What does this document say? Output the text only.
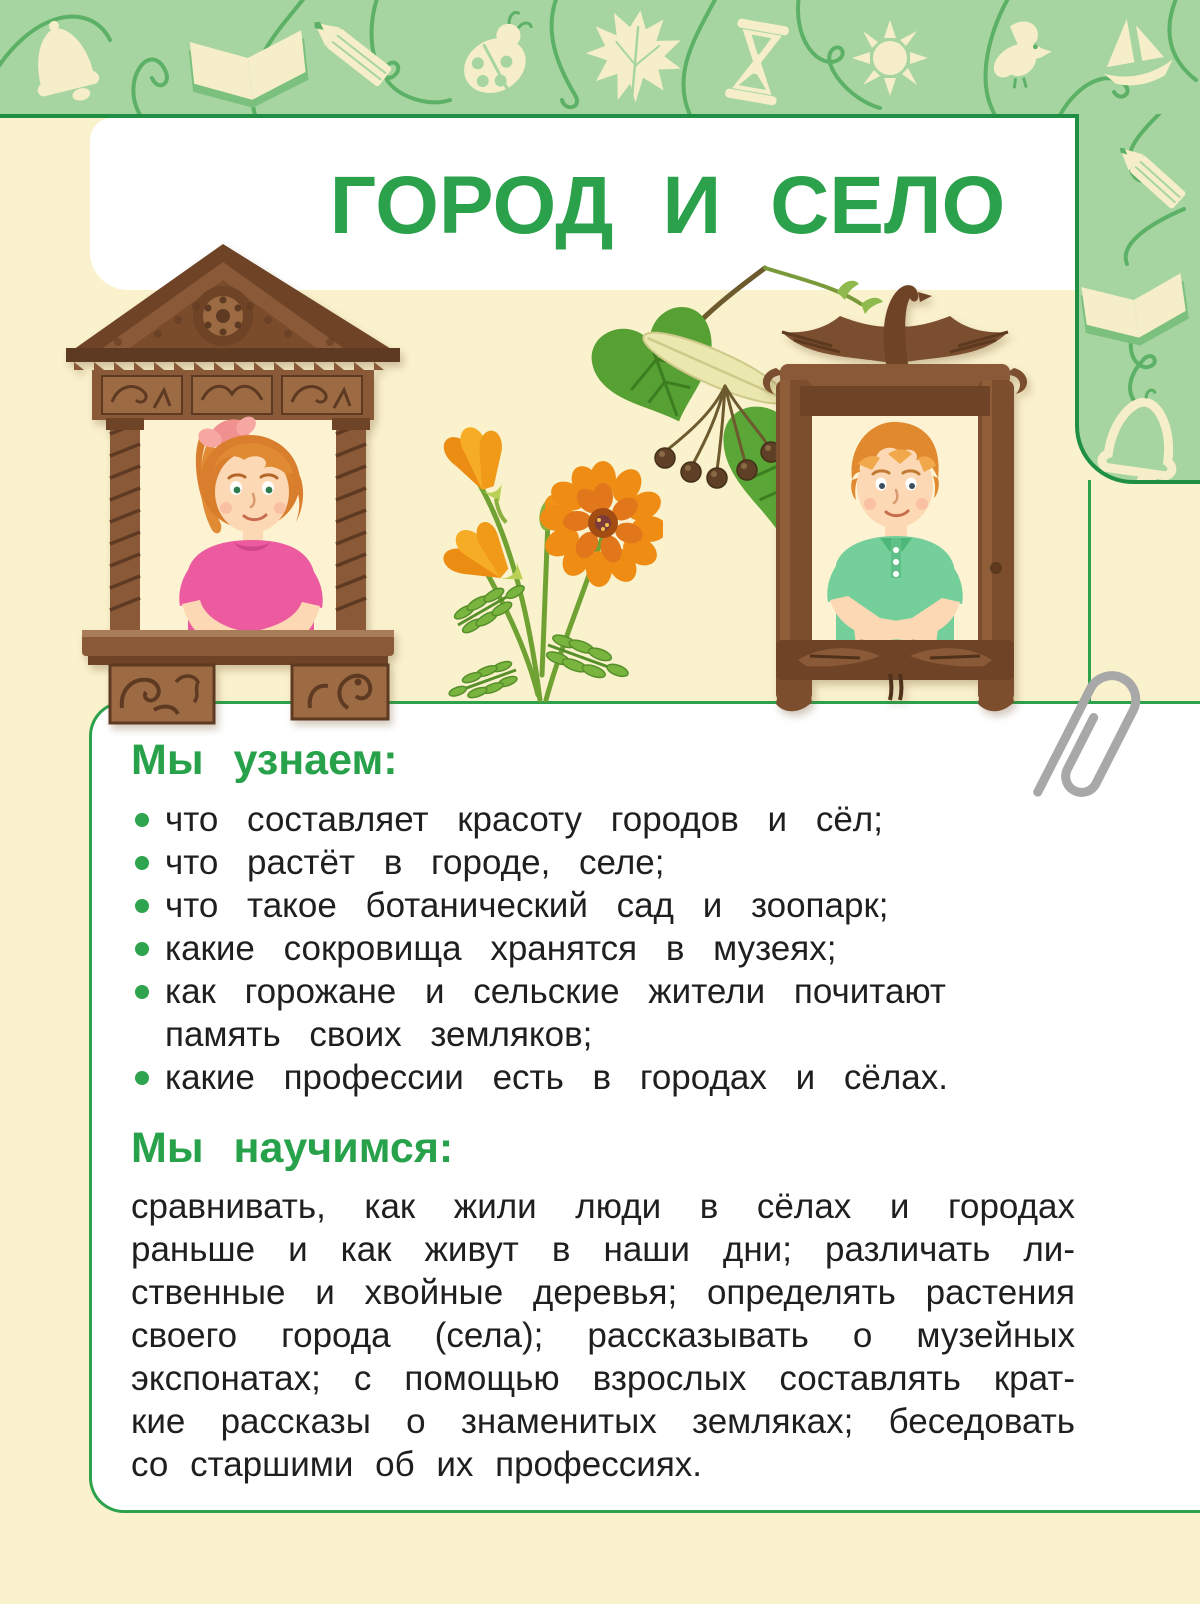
ГОРОД И СЕЛО
Мы узнаем:
что составляет красоту городов и сёл;
что растёт в городе, селе;
что такое ботанический сад и зоопарк;
какие сокровища хранятся в музеях;
как горожане и сельские жители почитают
память своих земляков;
какие профессии есть в городах и сёлах.
Мы научимся:
сравнивать, как жили люди в сёлах и городах
раньше и как живут в наши дни; различать ли-
ственные и хвойные деревья; определять растения
своего города (села); рассказывать о музейных
экспонатах; с помощью взрослых составлять крат-
кие рассказы о знаменитых земляках; беседовать
со старшими об их профессиях.
